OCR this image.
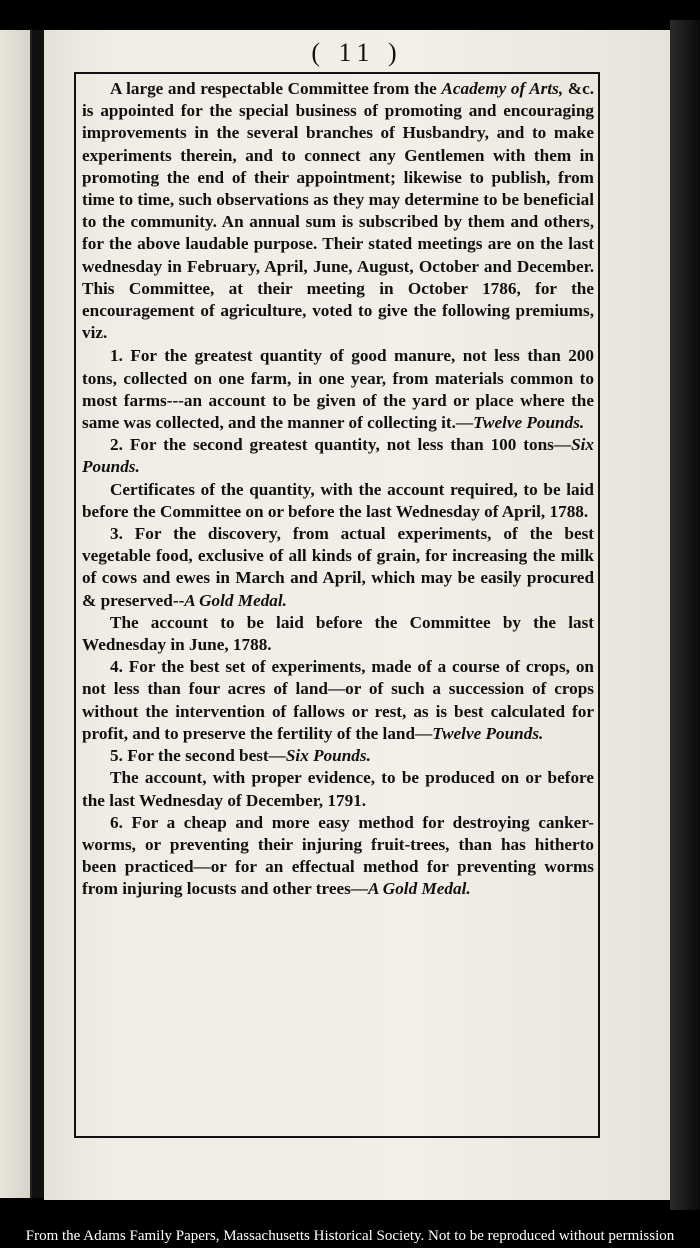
( 11 )

A large and respectable Committee from the Academy of Arts, &c. is appointed for the special business of promoting and encouraging improvements in the several branches of Husbandry, and to make experiments therein, and to connect any Gentlemen with them in promoting the end of their appointment; likewise to publish, from time to time, such observations as they may determine to be beneficial to the community. An annual sum is subscribed by them and others, for the above laudable purpose. Their stated meetings are on the last wednesday in February, April, June, August, October and December. This Committee, at their meeting in October 1786, for the encouragement of agriculture, voted to give the following premiums, viz.

1. For the greatest quantity of good manure, not less than 200 tons, collected on one farm, in one year, from materials common to most farms---an account to be given of the yard or place where the same was collected, and the manner of collecting it.—Twelve Pounds.

2. For the second greatest quantity, not less than 100 tons—Six Pounds.

Certificates of the quantity, with the account required, to be laid before the Committee on or before the last Wednesday of April, 1788.

3. For the discovery, from actual experiments, of the best vegetable food, exclusive of all kinds of grain, for increasing the milk of cows and ewes in March and April, which may be easily procured & preserved--A Gold Medal.

The account to be laid before the Committee by the last Wednesday in June, 1788.

4. For the best set of experiments, made of a course of crops, on not less than four acres of land—or of such a succession of crops without the intervention of fallows or rest, as is best calculated for profit, and to preserve the fertility of the land—Twelve Pounds.

5. For the second best—Six Pounds.

The account, with proper evidence, to be produced on or before the last Wednesday of December, 1791.

6. For a cheap and more easy method for destroying canker-worms, or preventing their injuring fruit-trees, than has hitherto been practiced—or for an effectual method for preventing worms from injuring locusts and other trees—A Gold Medal.

From the Adams Family Papers, Massachusetts Historical Society. Not to be reproduced without permission
